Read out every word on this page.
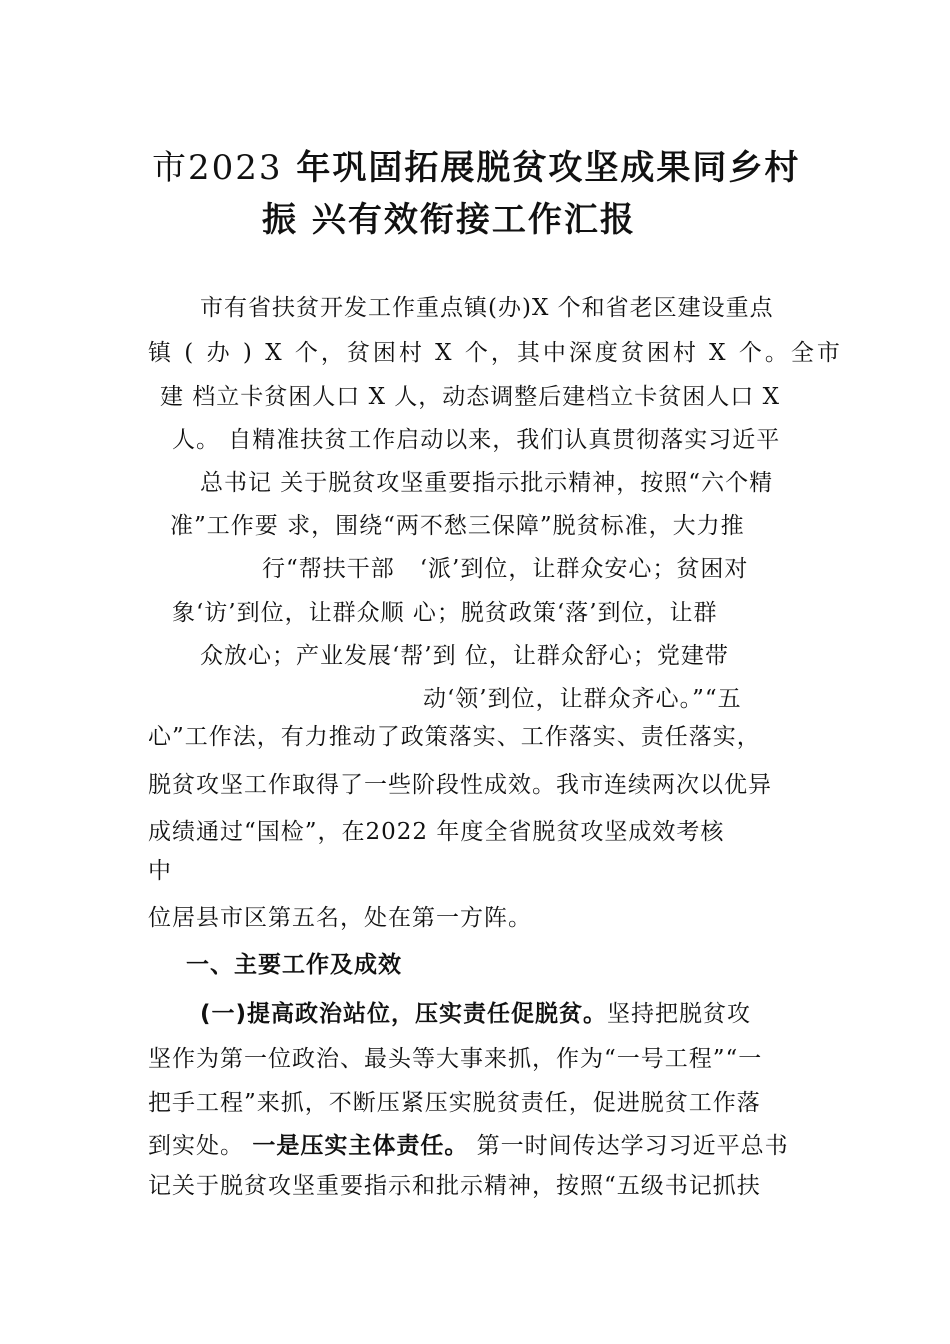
市2023 年巩固拓展脱贫攻坚成果同乡村
振 兴有效衔接工作汇报
市有省扶贫开发工作重点镇(办)X 个和省老区建设重点
镇 ( 办 ) X 个，贫困村 X 个，其中深度贫困村 X 个。全市
建 档立卡贫困人口 X 人，动态调整后建档立卡贫困人口 X
人。 自精准扶贫工作启动以来，我们认真贯彻落实习近平
总书记 关于脱贫攻坚重要指示批示精神，按照“六个精
准”工作要 求，围绕“两不愁三保障”脱贫标准，大力推
行“帮扶干部   ‘派’到位，让群众安心；贫困对
象‘访’到位，让群众顺 心；脱贫政策‘落’到位，让群
众放心；产业发展‘帮’到 位，让群众舒心；党建带
动‘领’到位，让群众齐心。”“五
心”工作法，有力推动了政策落实、工作落实、责任落实，
脱贫攻坚工作取得了一些阶段性成效。我市连续两次以优异
成绩通过“国检”，在2022 年度全省脱贫攻坚成效考核
中
位居县市区第五名，处在第一方阵。
一、主要工作及成效
(一)提高政治站位，压实责任促脱贫。坚持把脱贫攻
坚作为第一位政治、最头等大事来抓，作为“一号工程”“一
把手工程”来抓，不断压紧压实脱贫责任，促进脱贫工作落
到实处。 一是压实主体责任。 第一时间传达学习习近平总书
记关于脱贫攻坚重要指示和批示精神，按照“五级书记抓扶
